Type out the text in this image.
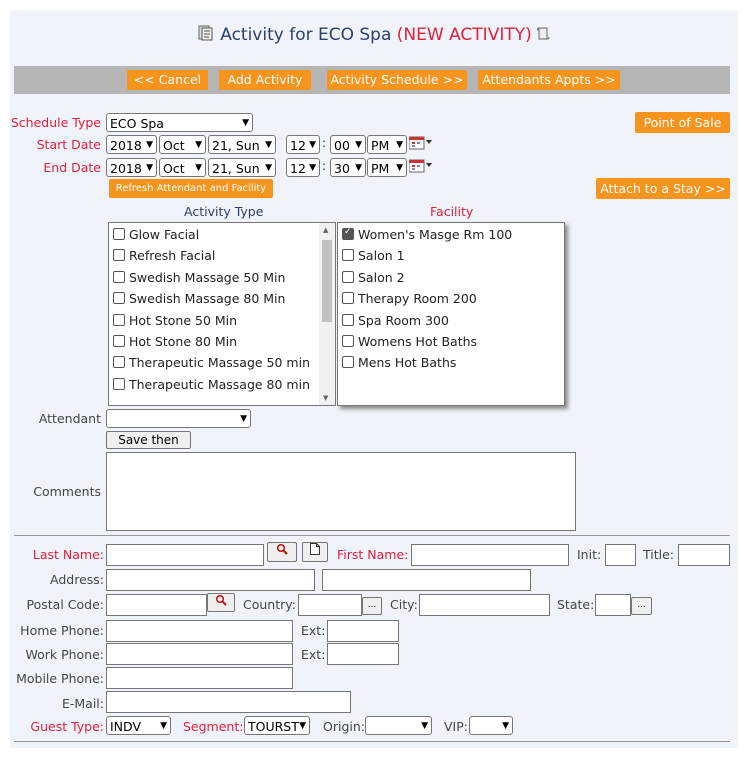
Activity for ECO Spa (NEW ACTIVITY)
<< Cancel	Add Activity	Activity Schedule >>	Attendants Appts >>
Schedule Type ECO Spa	▼	Point of Sale
Start Date 2018 ▼ Oct ▼ 21, Sun ▼	12 ▼ : 00 ▼ PM ▼
End Date 2018 ▼ Oct ▼ 21, Sun ▼	12 ▼ : 30 ▼ PM ▼
Refresh Attendant and Facility	Attach to a Stay >>
Activity Type	Facility
Glow Facial
Refresh Facial
Swedish Massage 50 Min
Swedish Massage 80 Min
Hot Stone 50 Min
Hot Stone 80 Min
Therapeutic Massage 50 min
Therapeutic Massage 80 min
▲
▼
✓Women's Masge Rm 100
Salon 1
Salon 2
Therapy Room 200
Spa Room 300
Womens Hot Baths
Mens Hot Baths
Attendant	▼
Save then
Comments
Last Name:	First Name:	Init:	Title:
Address:
Postal Code:	Country:	...	City:	State:	...
Home Phone:	Ext:
Work Phone:	Ext:
Mobile Phone:
E-Mail:
Guest Type: INDV ▼ Segment: TOURST ▼ Origin:	▼ VIP:	▼
